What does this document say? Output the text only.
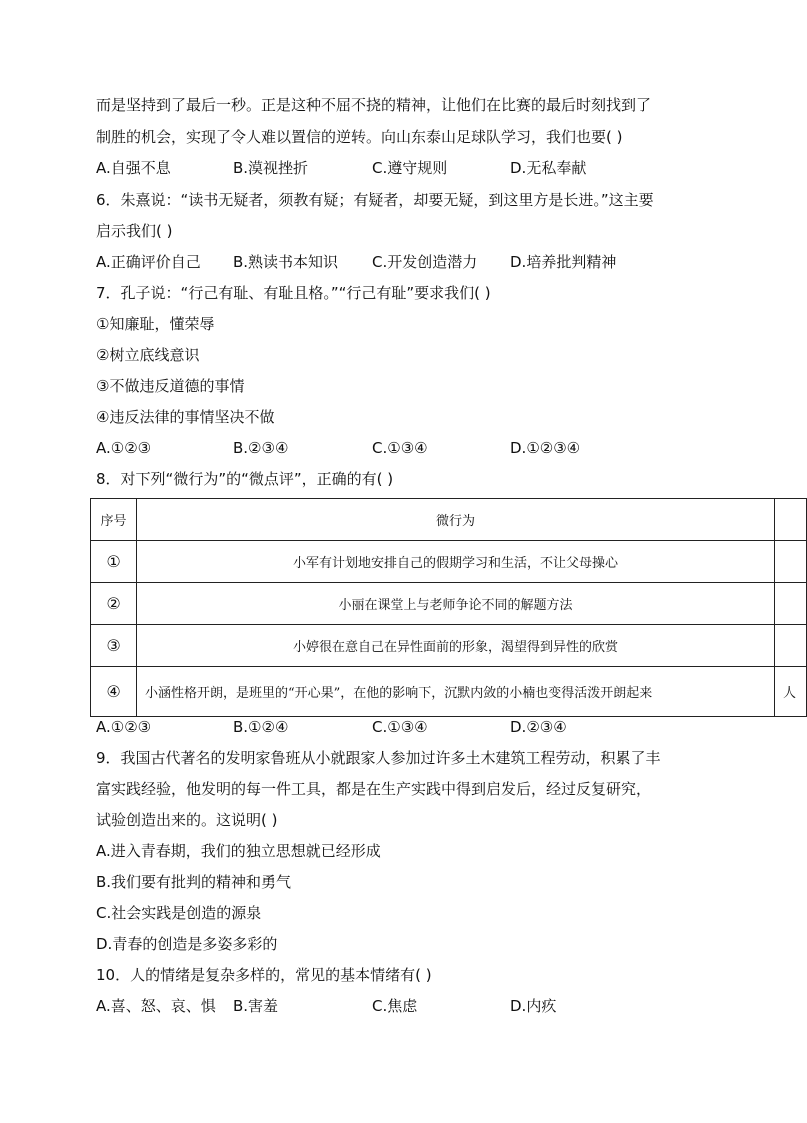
而是坚持到了最后一秒。正是这种不屈不挠的精神，让他们在比赛的最后时刻找到了
制胜的机会，实现了令人难以置信的逆转。向山东泰山足球队学习，我们也要( )
A.自强不息	B.漠视挫折	C.遵守规则	D.无私奉献
6．朱熹说：“读书无疑者，须教有疑；有疑者，却要无疑，到这里方是长进。”这主要
启示我们( )
A.正确评价自己 B.熟读书本知识 C.开发创造潜力 D.培养批判精神
7．孔子说：“行己有耻、有耻且格。”“行己有耻”要求我们( )
①知廉耻，懂荣辱
②树立底线意识
③不做违反道德的事情
④违反法律的事情坚决不做
A.①②③	B.②③④	C.①③④	D.①②③④
8．对下列“微行为”的“微点评”，正确的有( )
序号	微行为	
①	小军有计划地安排自己的假期学习和生活，不让父母操心	
②	小丽在课堂上与老师争论不同的解题方法	
③	小婷很在意自己在异性面前的形象，渴望得到异性的欣赏	
④	小涵性格开朗，是班里的“开心果”，在他的影响下，沉默内敛的小楠也变得活泼开朗起来	人
A.①②③	B.①②④	C.①③④	D.②③④
9．我国古代著名的发明家鲁班从小就跟家人参加过许多土木建筑工程劳动，积累了丰
富实践经验，他发明的每一件工具，都是在生产实践中得到启发后，经过反复研究，
试验创造出来的。这说明( )
A.进入青春期，我们的独立思想就已经形成
B.我们要有批判的精神和勇气
C.社会实践是创造的源泉
D.青春的创造是多姿多彩的
10．人的情绪是复杂多样的，常见的基本情绪有( )
A.喜、怒、哀、惧 B.害羞	C.焦虑	D.内疚
